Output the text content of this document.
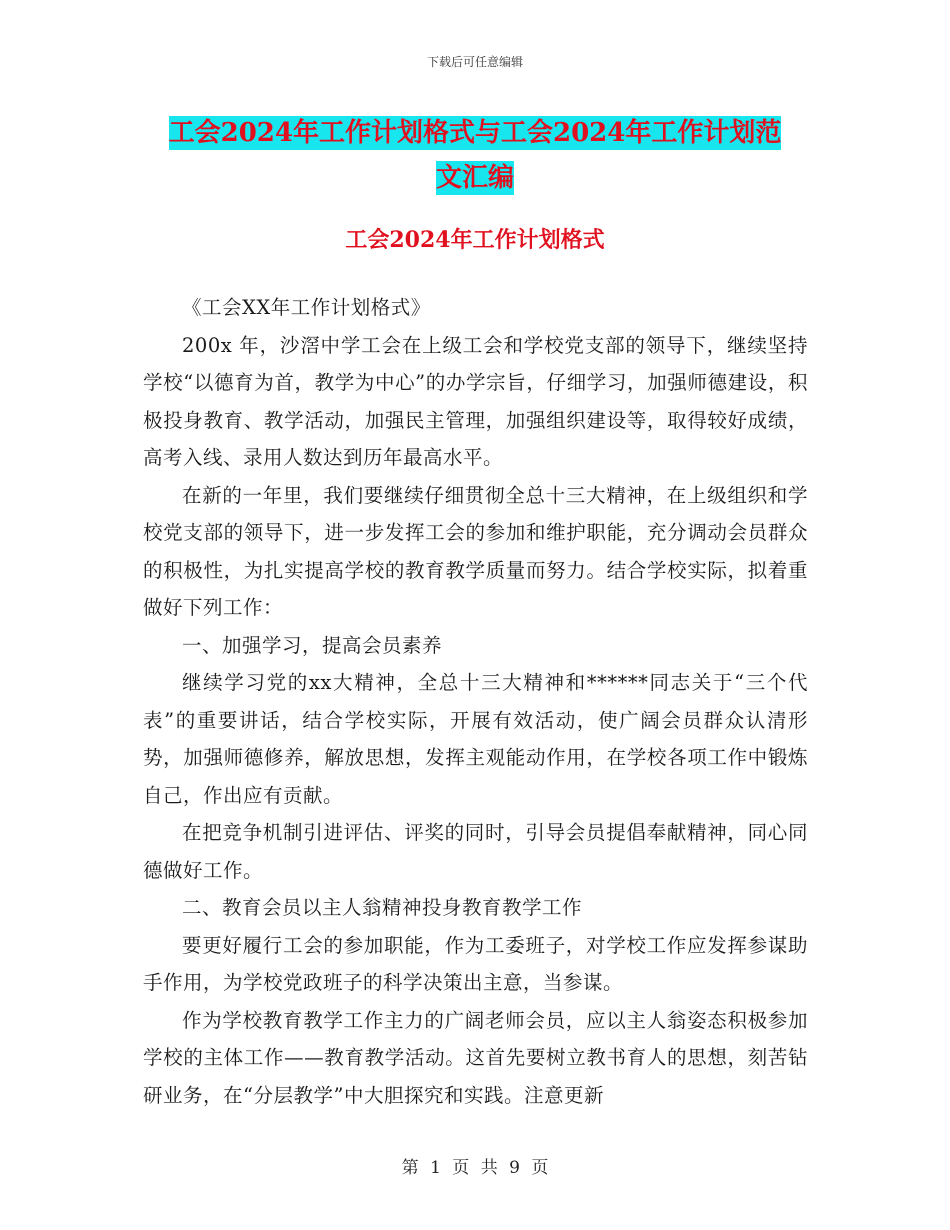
下载后可任意编辑
工会2024年工作计划格式与工会2024年工作计划范
文汇编
工会2024年工作计划格式

《工会XX年工作计划格式》

200x 年，沙滘中学工会在上级工会和学校党支部的领导下，继续坚持学校“以德育为首，教学为中心”的办学宗旨，仔细学习，加强师德建设，积极投身教育、教学活动，加强民主管理，加强组织建设等，取得较好成绩，高考入线、录用人数达到历年最高水平。

在新的一年里，我们要继续仔细贯彻全总十三大精神，在上级组织和学校党支部的领导下，进一步发挥工会的参加和维护职能，充分调动会员群众的积极性，为扎实提高学校的教育教学质量而努力。结合学校实际，拟着重做好下列工作：

一、加强学习，提高会员素养

继续学习党的xx大精神，全总十三大精神和******同志关于“三个代表”的重要讲话，结合学校实际，开展有效活动，使广阔会员群众认清形势，加强师德修养，解放思想，发挥主观能动作用，在学校各项工作中锻炼自己，作出应有贡献。

在把竞争机制引进评估、评奖的同时，引导会员提倡奉献精神，同心同德做好工作。

二、教育会员以主人翁精神投身教育教学工作

要更好履行工会的参加职能，作为工委班子，对学校工作应发挥参谋助手作用，为学校党政班子的科学决策出主意，当参谋。

作为学校教育教学工作主力的广阔老师会员，应以主人翁姿态积极参加学校的主体工作——教育教学活动。这首先要树立教书育人的思想，刻苦钻研业务，在“分层教学”中大胆探究和实践。注意更新

第 1 页 共 9 页
